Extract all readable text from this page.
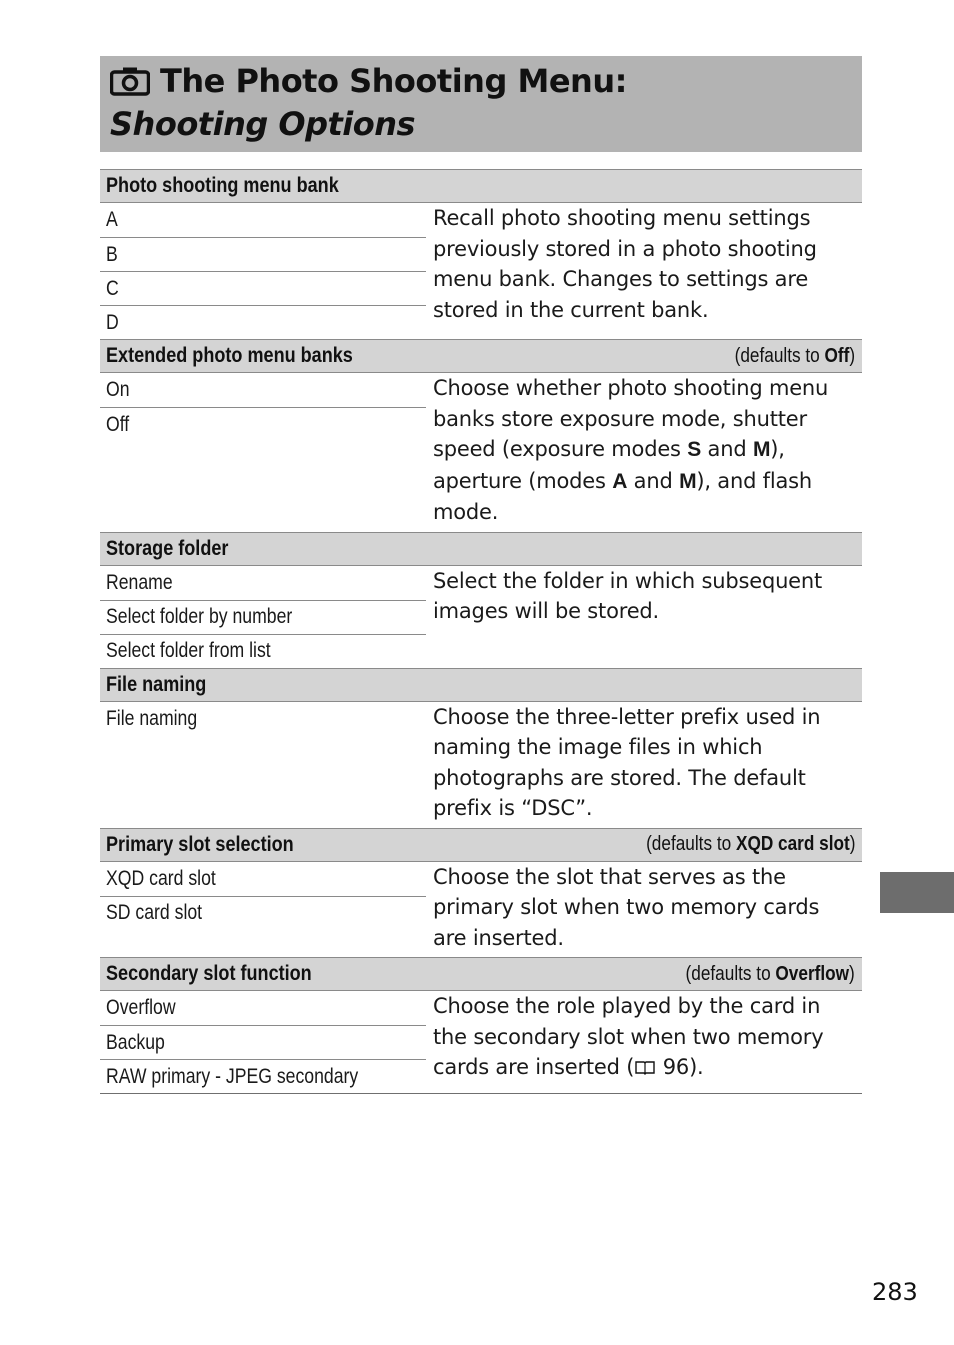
The Photo Shooting Menu:
Shooting Options
Photo shooting menu bank
A
B
C
D
Recall photo shooting menu settings previously stored in a photo shooting menu bank. Changes to settings are stored in the current bank.
Extended photo menu banks	(defaults to Off)
On
Off
Choose whether photo shooting menu banks store exposure mode, shutter speed (exposure modes S and M), aperture (modes A and M), and flash mode.
Storage folder
Rename
Select folder by number
Select folder from list
Select the folder in which subsequent images will be stored.
File naming
File naming	Choose the three-letter prefix used in naming the image files in which photographs are stored. The default prefix is “DSC”.
Primary slot selection	(defaults to XQD card slot)
XQD card slot
SD card slot
Choose the slot that serves as the primary slot when two memory cards are inserted.
Secondary slot function	(defaults to Overflow)
Overflow
Backup
RAW primary - JPEG secondary
Choose the role played by the card in the secondary slot when two memory cards are inserted ( 96).
283
